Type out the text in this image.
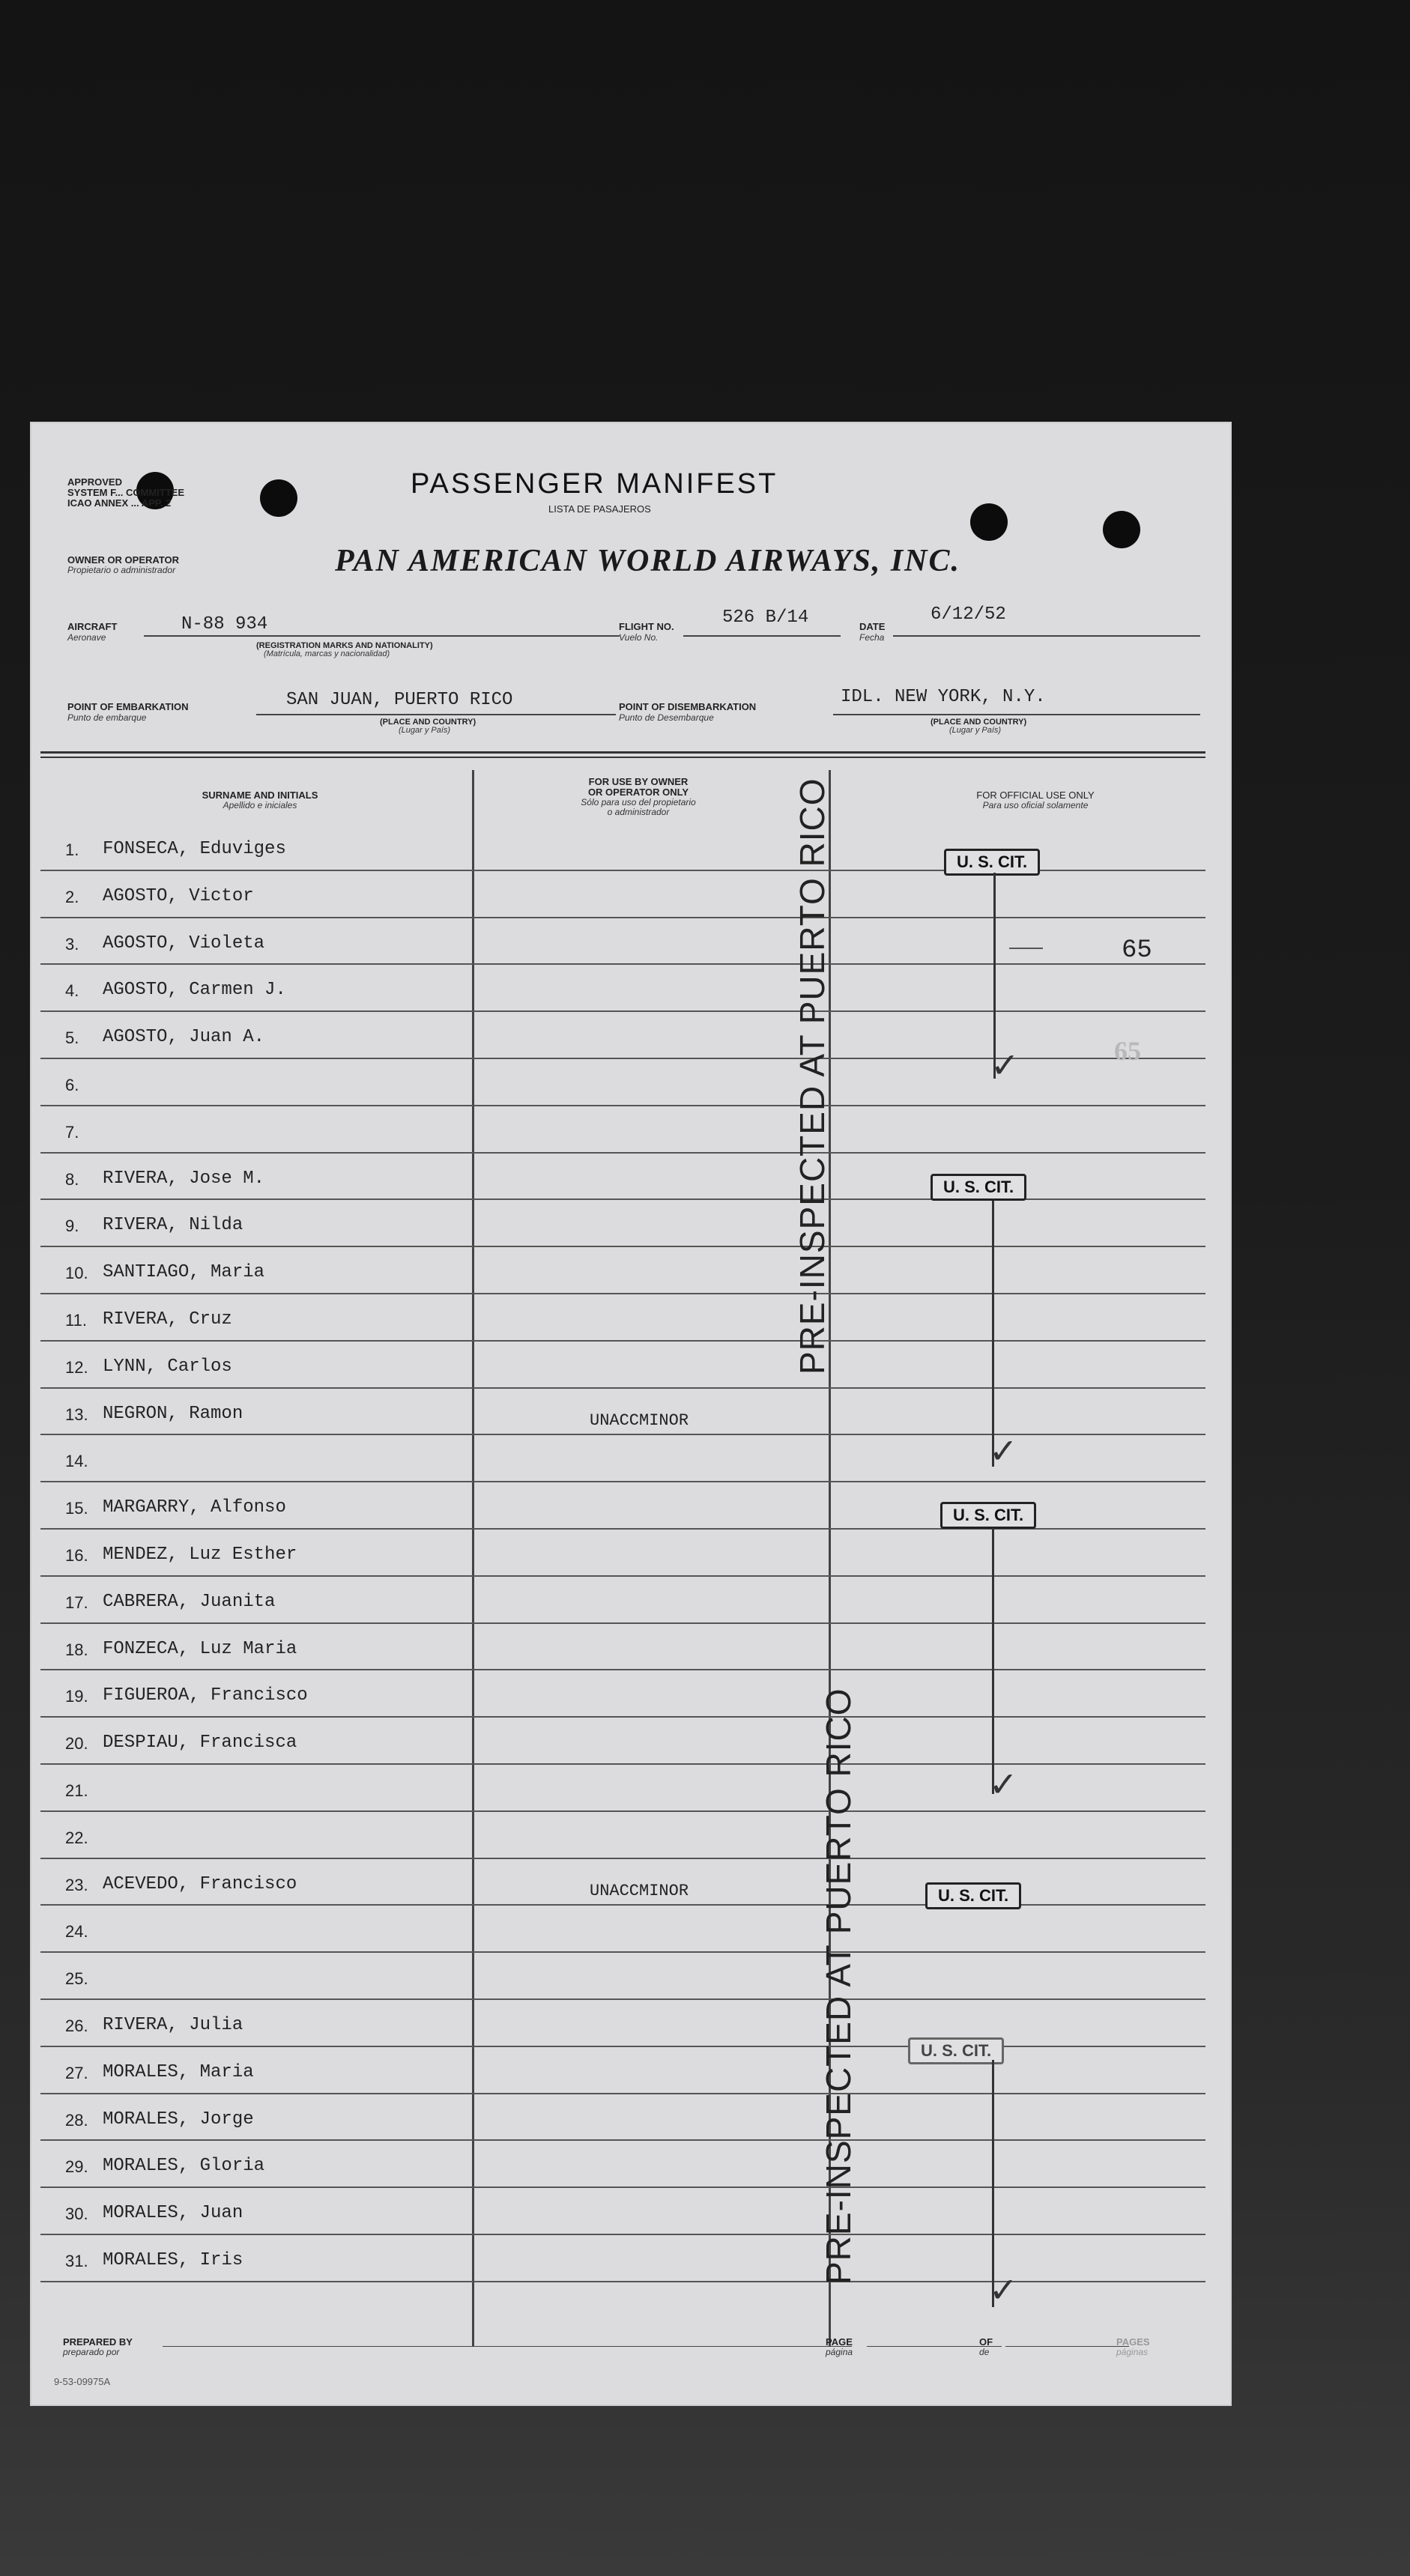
APPROVED
SYSTEM F... COMMITTEE
ICAO ANNEX ... APP. 2
PASSENGER MANIFEST
LISTA DE PASAJEROS
OWNER OR OPERATOR
Propietario o administrador	PAN AMERICAN WORLD AIRWAYS, INC.
AIRCRAFT
Aeronave
N-88 934
(REGISTRATION MARKS AND NATIONALITY)
(Matrícula, marcas y nacionalidad)
FLIGHT NO.
Vuelo No.
526 B/14	DATE
Fecha
6/12/52
POINT OF EMBARKATION
Punto de embarque
SAN JUAN, PUERTO RICO
(PLACE AND COUNTRY)
(Lugar y País)
POINT OF DISEMBARKATION
Punto de Desembarque
IDL. NEW YORK, N.Y.
(PLACE AND COUNTRY)
(Lugar y País)
SURNAME AND INITIALS
Apellido e iniciales
FOR USE BY OWNER
OR OPERATOR ONLY
Sólo para uso del propietario
o administrador
FOR OFFICIAL USE ONLY
Para uso oficial solamente
1. FONSECA, Eduviges
2. AGOSTO, Victor
3. AGOSTO, Violeta
4. AGOSTO, Carmen J.
5. AGOSTO, Juan A.
6.
7.
8. RIVERA, Jose M.
9. RIVERA, Nilda
10. SANTIAGO, Maria
11. RIVERA, Cruz
12. LYNN, Carlos
13. NEGRON, Ramon	UNACCMINOR
14.
15. MARGARRY, Alfonso
16. MENDEZ, Luz Esther
17. CABRERA, Juanita
18. FONZECA, Luz Maria
19. FIGUEROA, Francisco
20. DESPIAU, Francisca
21.
22.
23. ACEVEDO, Francisco	UNACCMINOR
24.
25.
26. RIVERA, Julia
27. MORALES, Maria
28. MORALES, Jorge
29. MORALES, Gloria
30. MORALES, Juan
31. MORALES, Iris
U. S. CIT.
U. S. CIT.
U. S. CIT.
U. S. CIT.
U. S. CIT.
✓
✓
✓
✓
65
65
PRE-INSPECTED AT PUERTO RICO
PRE-INSPECTED AT PUERTO RICO
PREPARED BY
preparado por
PAGE
página
OF
de
PAGES
páginas
9-53-09975A
